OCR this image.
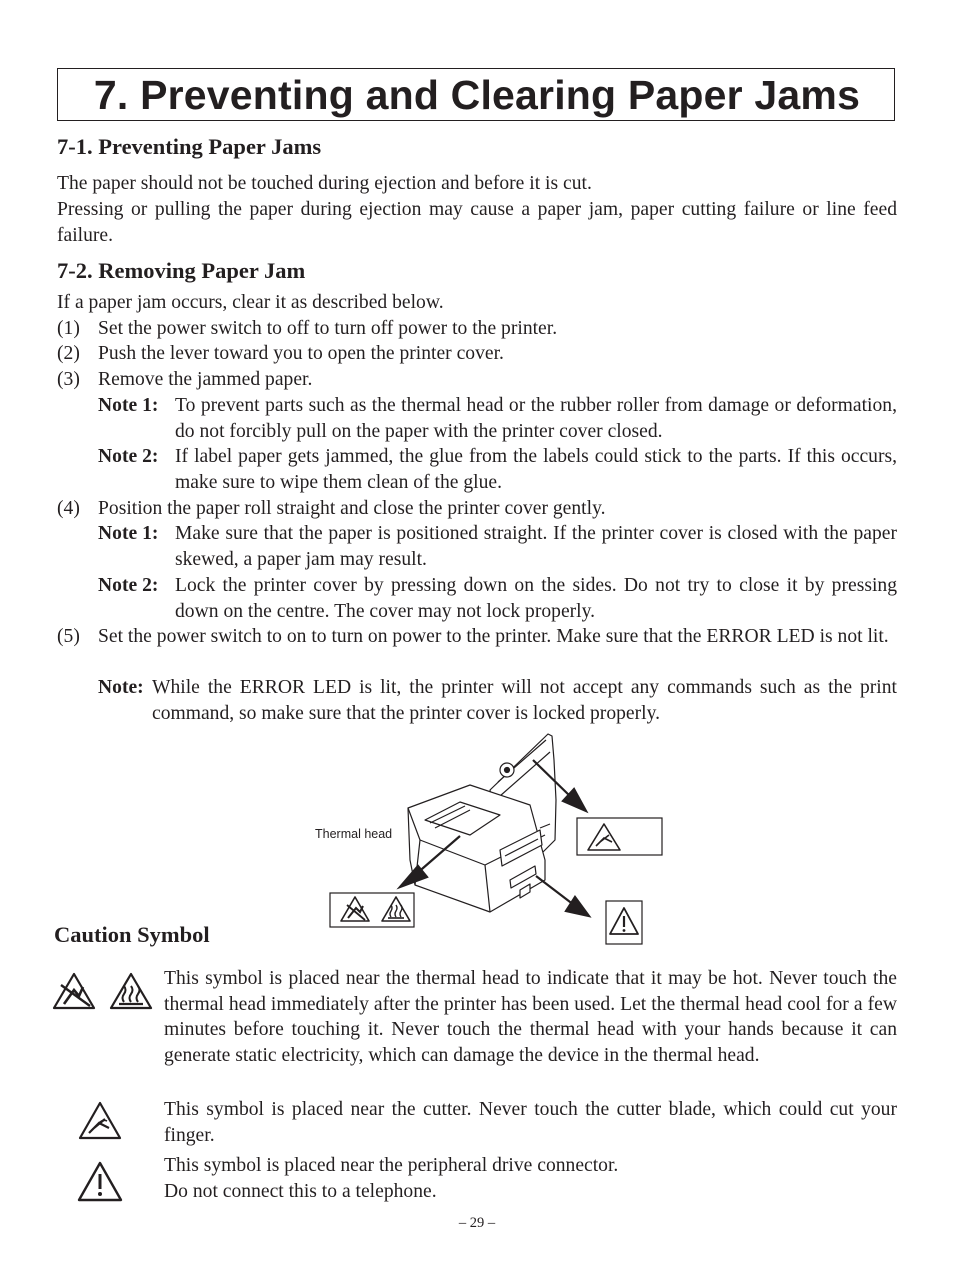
7. Preventing and Clearing Paper Jams
7-1. Preventing Paper Jams
The paper should not be touched during ejection and before it is cut.
Pressing or pulling the paper during ejection may cause a paper jam, paper cutting failure or line feed failure.
7-2. Removing Paper Jam
If a paper jam occurs, clear it as described below.
(1) Set the power switch to off to turn off power to the printer.
(2) Push the lever toward you to open the printer cover.
(3) Remove the jammed paper.
Note 1: To prevent parts such as the thermal head or the rubber roller from damage or deformation, do not forcibly pull on the paper with the printer cover closed.
Note 2: If label paper gets jammed, the glue from the labels could stick to the parts. If this occurs, make sure to wipe them clean of the glue.
(4) Position the paper roll straight and close the printer cover gently.
Note 1: Make sure that the paper is positioned straight. If the printer cover is closed with the paper skewed, a paper jam may result.
Note 2: Lock the printer cover by pressing down on the sides. Do not try to close it by pressing down on the centre. The cover may not lock properly.
(5) Set the power switch to on to turn on power to the printer. Make sure that the ERROR LED is not lit.
Note: While the ERROR LED is lit, the printer will not accept any commands such as the print command, so make sure that the printer cover is locked properly.
Thermal head
Caution Symbol
This symbol is placed near the thermal head to indicate that it may be hot. Never touch the thermal head immediately after the printer has been used. Let the thermal head cool for a few minutes before touching it. Never touch the thermal head with your hands because it can generate static electricity, which can damage the device in the thermal head.
This symbol is placed near the cutter. Never touch the cutter blade, which could cut your finger.
This symbol is placed near the peripheral drive connector.
Do not connect this to a telephone.
– 29 –
